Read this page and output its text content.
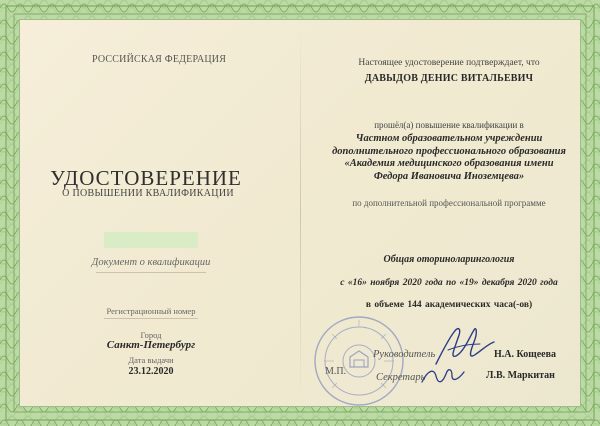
РОССИЙСКАЯ ФЕДЕРАЦИЯ
УДОСТОВЕРЕНИЕ
О ПОВЫШЕНИИ КВАЛИФИКАЦИИ
Документ о квалификации
Регистрационный номер
Город
Санкт-Петербург
Дата выдачи
23.12.2020
Настоящее удостоверение подтверждает, что
ДАВЫДОВ ДЕНИС ВИТАЛЬЕВИЧ
прошёл(а) повышение квалификации в
Частном образовательном учреждении
дополнительного профессионального образования
«Академия медицинского образования имени
Федора Ивановича Иноземцева»
по дополнительной профессиональной программе
Общая оториноларингология
с «16» ноября 2020 года по «19» декабря 2020 года
в объеме 144 академических часа(-ов)
М.П.
Руководитель	Н.А. Кощеева
Секретарь	Л.В. Маркитан
